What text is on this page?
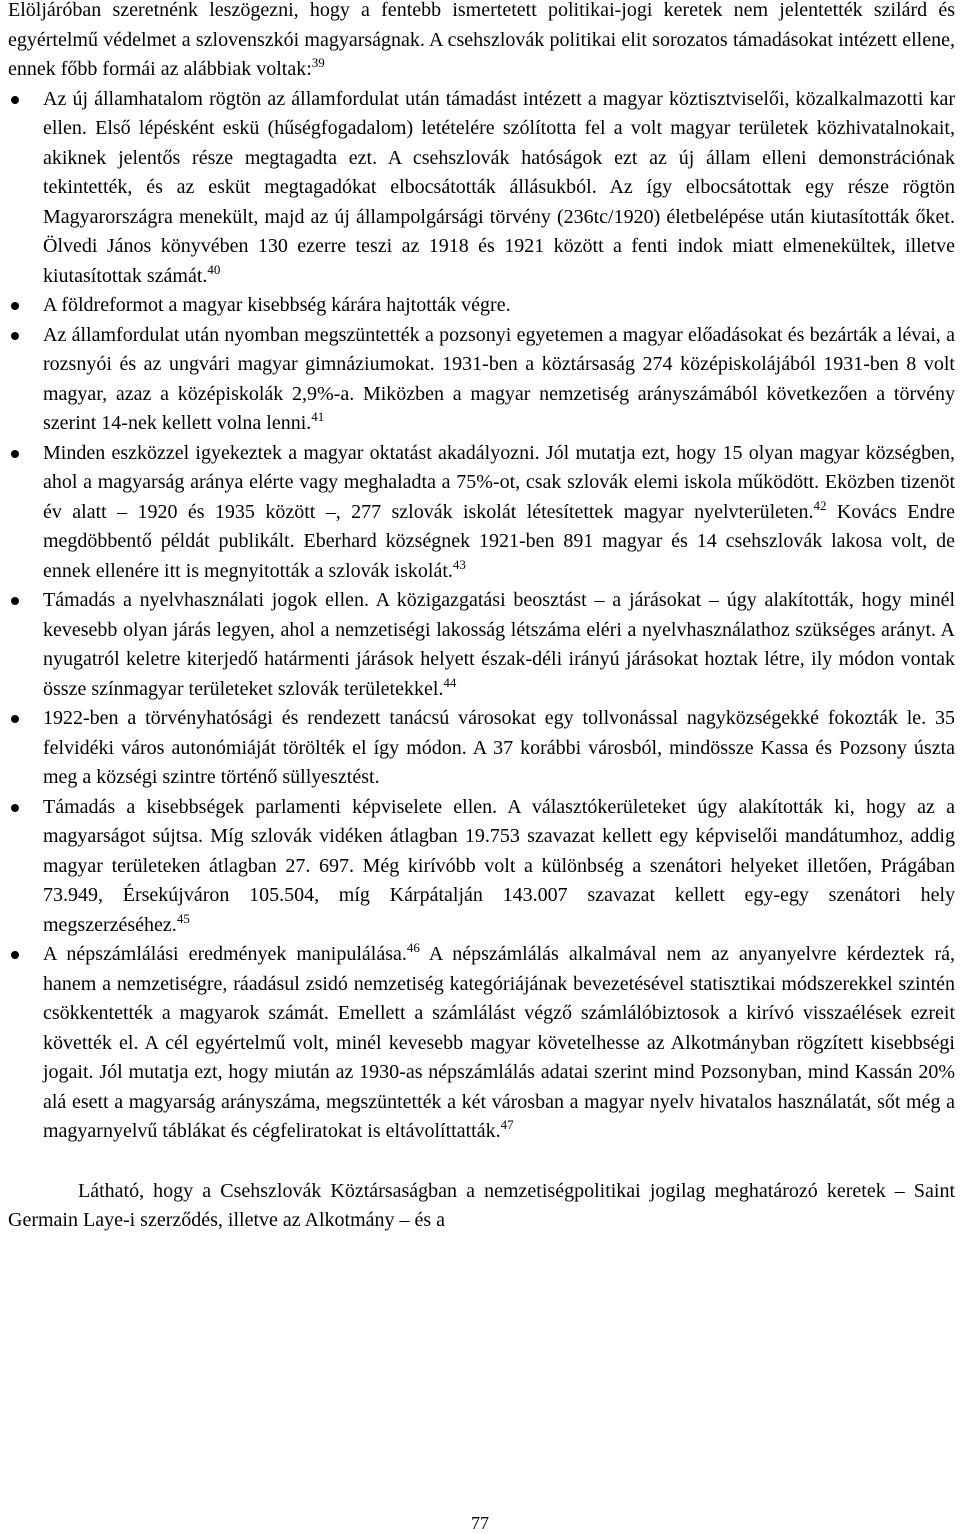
Elöljáróban szeretnénk leszögezni, hogy a fentebb ismertetett politikai-jogi keretek nem jelentették szilárd és egyértelmű védelmet a szlovenszkói magyarságnak. A csehszlovák politikai elit sorozatos támadásokat intézett ellene, ennek főbb formái az alábbiak voltak:$^{39}$

Az új államhatalom rögtön az államfordulat után támadást intézett a magyar köztisztviselői, közalkalmazotti kar ellen. Első lépésként eskü (hűségfogadalom) letételére szólította fel a volt magyar területek közhivatalnokait, akiknek jelentős része megtagadta ezt. A csehszlovák hatóságok ezt az új állam elleni demonstrációnak tekintették, és az esküt megtagadókat elbocsátották állásukból. Az így elbocsátottak egy része rögtön Magyarországra menekült, majd az új állampolgársági törvény (236tc/1920) életbelépése után kiutasították őket. Ölvedi János könyvében 130 ezerre teszi az 1918 és 1921 között a fenti indok miatt elmenekültek, illetve kiutasítottak számát.$^{40}$

A földreformot a magyar kisebbség kárára hajtották végre.

Az államfordulat után nyomban megszüntették a pozsonyi egyetemen a magyar előadásokat és bezárták a lévai, a rozsnyói és az ungvári magyar gimnáziumokat. 1931-ben a köztársaság 274 középiskolájából 1931-ben 8 volt magyar, azaz a középiskolák 2,9%-a. Miközben a magyar nemzetiség arányszámából következően a törvény szerint 14-nek kellett volna lenni.$^{41}$

Minden eszközzel igyekeztek a magyar oktatást akadályozni. Jól mutatja ezt, hogy 15 olyan magyar községben, ahol a magyarság aránya elérte vagy meghaladta a 75%-ot, csak szlovák elemi iskola működött. Eközben tizenöt év alatt – 1920 és 1935 között –, 277 szlovák iskolát létesítettek magyar nyelvterületen.$^{42}$ Kovács Endre megdöbbentő példát publikált. Eberhard községnek 1921-ben 891 magyar és 14 csehszlovák lakosa volt, de ennek ellenére itt is megnyitották a szlovák iskolát.$^{43}$

Támadás a nyelvhasználati jogok ellen. A közigazgatási beosztást – a járásokat – úgy alakították, hogy minél kevesebb olyan járás legyen, ahol a nemzetiségi lakosság létszáma eléri a nyelvhasználathoz szükséges arányt. A nyugatról keletre kiterjedő határmenti járások helyett észak-déli irányú járásokat hoztak létre, ily módon vontak össze színmagyar területeket szlovák területekkel.$^{44}$

1922-ben a törvényhatósági és rendezett tanácsú városokat egy tollvonással nagyközségekké fokozták le. 35 felvidéki város autonómiáját törölték el így módon. A 37 korábbi városból, mindössze Kassa és Pozsony úszta meg a községi szintre történő süllyesztést.

Támadás a kisebbségek parlamenti képviselete ellen. A választókerületeket úgy alakították ki, hogy az a magyarságot sújtsa. Míg szlovák vidéken átlagban 19.753 szavazat kellett egy képviselői mandátumhoz, addig magyar területeken átlagban 27. 697. Még kirívóbb volt a különbség a szenátori helyeket illetően, Prágában 73.949, Érsekújváron 105.504, míg Kárpátalján 143.007 szavazat kellett egy-egy szenátori hely megszerzéséhez.$^{45}$

A népszámlálási eredmények manipulálása.$^{46}$ A népszámlálás alkalmával nem az anyanyelvre kérdeztek rá, hanem a nemzetiségre, ráadásul zsidó nemzetiség kategóriájának bevezetésével statisztikai módszerekkel szintén csökkentették a magyarok számát. Emellett a számlálást végző számlálóbiztosok a kirívó visszaélések ezreit követték el. A cél egyértelmű volt, minél kevesebb magyar követelhesse az Alkotmányban rögzített kisebbségi jogait. Jól mutatja ezt, hogy miután az 1930-as népszámlálás adatai szerint mind Pozsonyban, mind Kassán 20% alá esett a magyarság arányszáma, megszüntették a két városban a magyar nyelv hivatalos használatát, sőt még a magyarnyelvű táblákat és cégfeliratokat is eltávolíttatták.$^{47}$

Látható, hogy a Csehszlovák Köztársaságban a nemzetiségpolitikai jogilag meghatározó keretek – Saint Germain Laye-i szerződés, illetve az Alkotmány – és a

77
